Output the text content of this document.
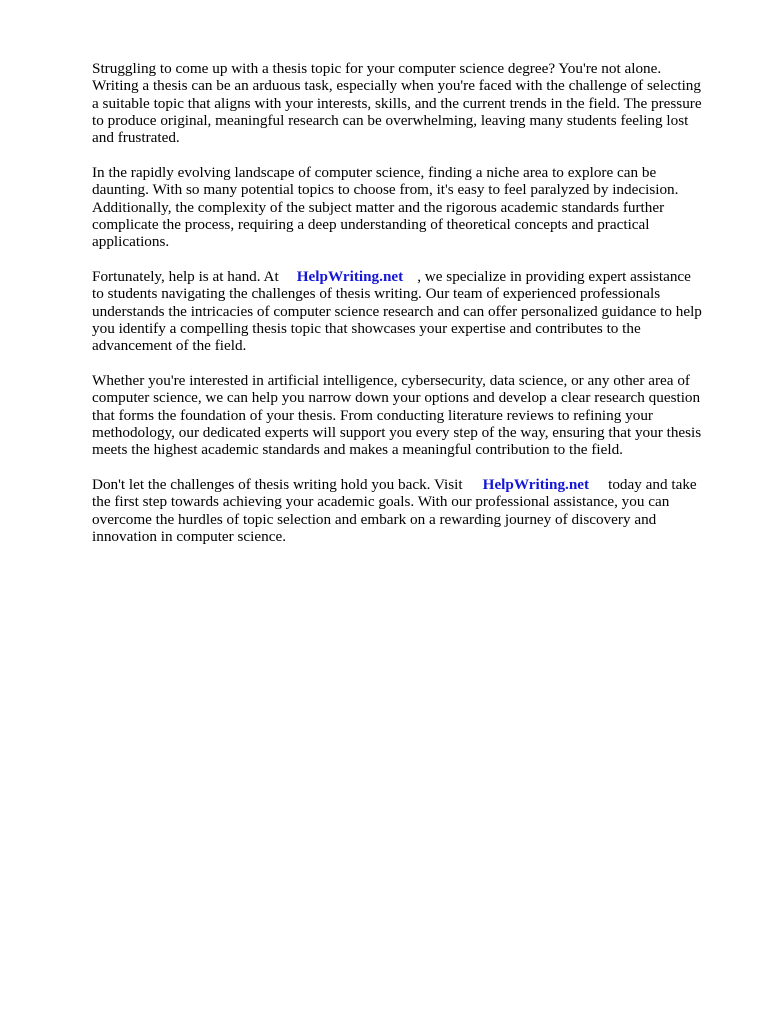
Struggling to come up with a thesis topic for your computer science degree? You're not alone.
Writing a thesis can be an arduous task, especially when you're faced with the challenge of selecting
a suitable topic that aligns with your interests, skills, and the current trends in the field. The pressure
to produce original, meaningful research can be overwhelming, leaving many students feeling lost
and frustrated.

In the rapidly evolving landscape of computer science, finding a niche area to explore can be
daunting. With so many potential topics to choose from, it's easy to feel paralyzed by indecision.
Additionally, the complexity of the subject matter and the rigorous academic standards further
complicate the process, requiring a deep understanding of theoretical concepts and practical
applications.

Fortunately, help is at hand. At HelpWriting.net , we specialize in providing expert assistance
to students navigating the challenges of thesis writing. Our team of experienced professionals
understands the intricacies of computer science research and can offer personalized guidance to help
you identify a compelling thesis topic that showcases your expertise and contributes to the
advancement of the field.

Whether you're interested in artificial intelligence, cybersecurity, data science, or any other area of
computer science, we can help you narrow down your options and develop a clear research question
that forms the foundation of your thesis. From conducting literature reviews to refining your
methodology, our dedicated experts will support you every step of the way, ensuring that your thesis
meets the highest academic standards and makes a meaningful contribution to the field.

Don't let the challenges of thesis writing hold you back. Visit HelpWriting.net today and take
the first step towards achieving your academic goals. With our professional assistance, you can
overcome the hurdles of topic selection and embark on a rewarding journey of discovery and
innovation in computer science.
